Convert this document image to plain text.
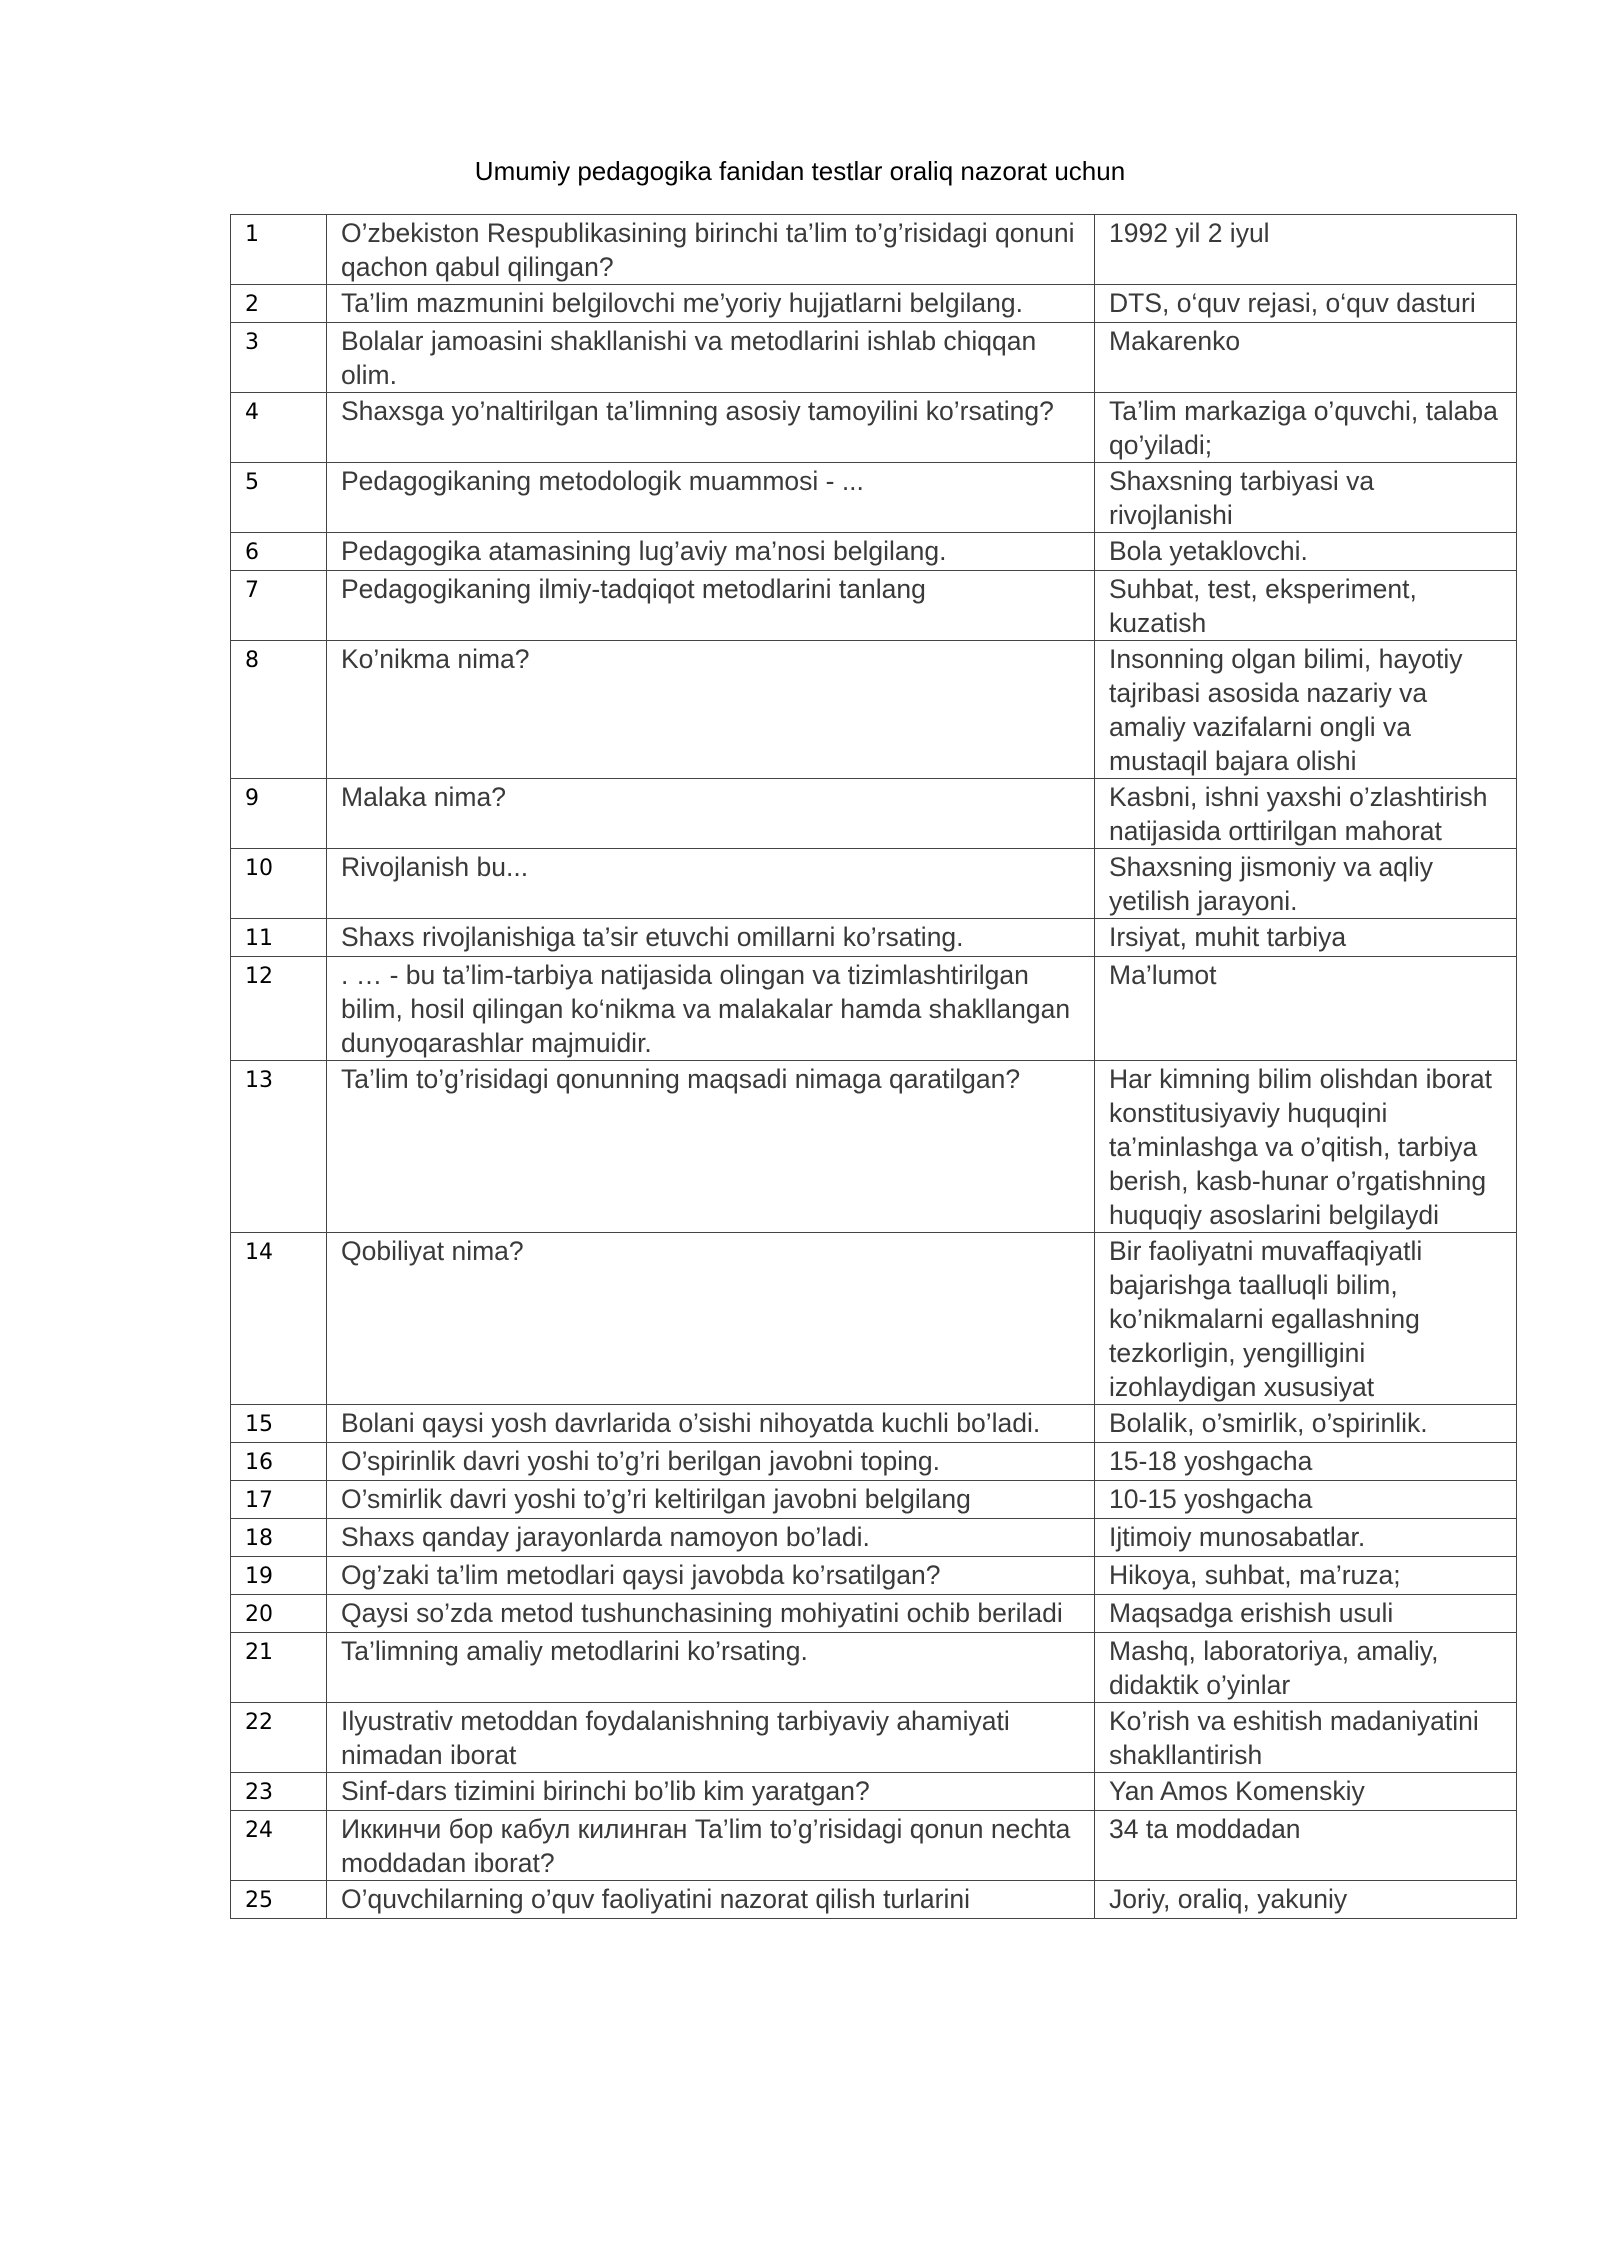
Umumiy pedagogika fanidan testlar oraliq nazorat uchun
1	O’zbekiston Respublikasining birinchi ta’lim to’g’risidagi qonuni qachon qabul qilingan?	1992 yil 2 iyul
2	Ta’lim mazmunini belgilovchi me’yoriy hujjatlarni belgilang.	DTS, o‘quv rejasi, o‘quv dasturi
3	Bolalar jamoasini shakllanishi va metodlarini ishlab chiqqan olim.	Makarenko
4	Shaxsga yo’naltirilgan ta’limning asosiy tamoyilini ko’rsating?	Ta’lim markaziga o’quvchi, talaba qo’yiladi;
5	Pedagogikaning metodologik muammosi - ...	Shaxsning tarbiyasi va rivojlanishi
6	Pedagogika atamasining lug’aviy ma’nosi belgilang.	Bola yetaklovchi.
7	Pedagogikaning ilmiy-tadqiqot metodlarini tanlang	Suhbat, test, eksperiment, kuzatish
8	Ko’nikma nima?	Insonning olgan bilimi, hayotiy tajribasi asosida nazariy va amaliy vazifalarni ongli va mustaqil bajara olishi
9	Malaka nima?	Kasbni, ishni yaxshi o’zlashtirish natijasida orttirilgan mahorat
10	Rivojlanish bu...	Shaxsning jismoniy va aqliy yetilish jarayoni.
11	Shaxs rivojlanishiga ta’sir etuvchi omillarni ko’rsating.	Irsiyat, muhit tarbiya
12	. … - bu ta’lim-tarbiya natijasida olingan va tizimlashtirilgan bilim, hosil qilingan ko‘nikma va malakalar hamda shakllangan dunyoqarashlar majmuidir.	Ma’lumot
13	Ta’lim to’g’risidagi qonunning maqsadi nimaga qaratilgan?	Har kimning bilim olishdan iborat konstitusiyaviy huquqini ta’minlashga va o’qitish, tarbiya berish, kasb-hunar o’rgatishning huquqiy asoslarini belgilaydi
14	Qobiliyat nima?	Bir faoliyatni muvaffaqiyatli bajarishga taalluqli bilim, ko’nikmalarni egallashning tezkorligin, yengilligini izohlaydigan xususiyat
15	Bolani qaysi yosh davrlarida o’sishi nihoyatda kuchli bo’ladi.	Bolalik, o’smirlik, o’spirinlik.
16	O’spirinlik davri yoshi to’g’ri berilgan javobni toping.	15-18 yoshgacha
17	O’smirlik davri yoshi to’g’ri keltirilgan javobni belgilang	10-15 yoshgacha
18	Shaxs qanday jarayonlarda namoyon bo’ladi.	Ijtimoiy munosabatlar.
19	Og’zaki ta’lim metodlari qaysi javobda ko’rsatilgan?	Hikoya, suhbat, ma’ruza;
20	Qaysi so’zda metod tushunchasining mohiyatini ochib beriladi	Maqsadga erishish usuli
21	Ta’limning amaliy metodlarini ko’rsating.	Mashq, laboratoriya, amaliy, didaktik o’yinlar
22	Ilyustrativ metoddan foydalanishning tarbiyaviy ahamiyati nimadan iborat	Ko’rish va eshitish madaniyatini shakllantirish
23	Sinf-dars tizimini birinchi bo’lib kim yaratgan?	Yan Amos Komenskiy
24	Иккинчи бор кабул килинган Ta’lim to’g’risidagi qonun nechta moddadan iborat?	34 ta moddadan
25	O’quvchilarning o’quv faoliyatini nazorat qilish turlarini	Joriy, oraliq, yakuniy
